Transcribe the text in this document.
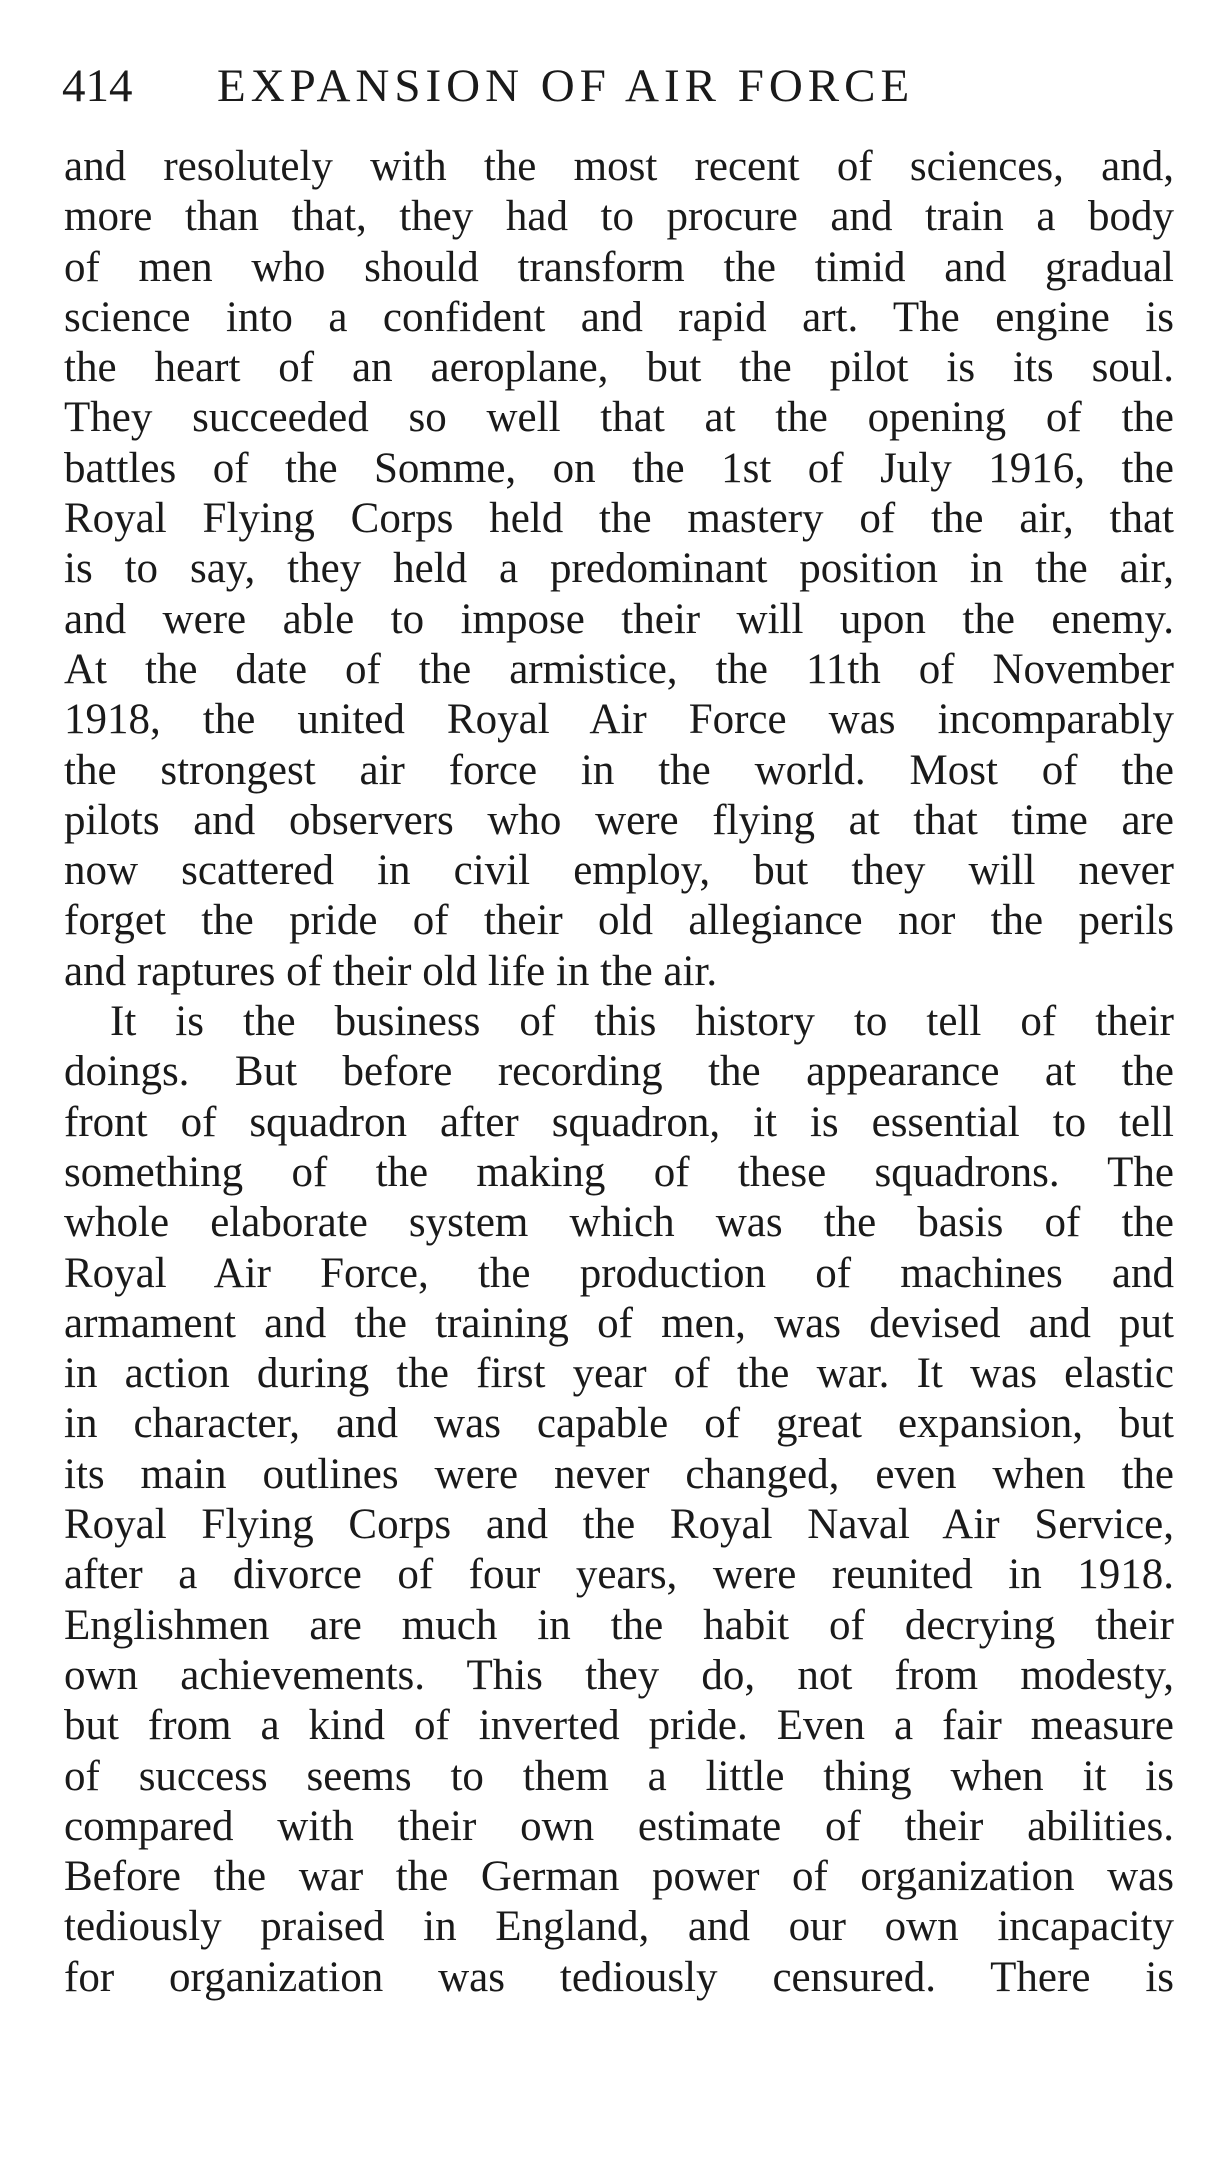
414 EXPANSION OF AIR FORCE
and resolutely with the most recent of sciences, and,
more than that, they had to procure and train a body
of men who should transform the timid and gradual
science into a confident and rapid art. The engine is
the heart of an aeroplane, but the pilot is its soul.
They succeeded so well that at the opening of the
battles of the Somme, on the 1st of July 1916, the
Royal Flying Corps held the mastery of the air, that
is to say, they held a predominant position in the air,
and were able to impose their will upon the enemy.
At the date of the armistice, the 11th of November
1918, the united Royal Air Force was incomparably
the strongest air force in the world. Most of the
pilots and observers who were flying at that time are
now scattered in civil employ, but they will never
forget the pride of their old allegiance nor the perils
and raptures of their old life in the air.
It is the business of this history to tell of their
doings. But before recording the appearance at the
front of squadron after squadron, it is essential to tell
something of the making of these squadrons. The
whole elaborate system which was the basis of the
Royal Air Force, the production of machines and
armament and the training of men, was devised and put
in action during the first year of the war. It was elastic
in character, and was capable of great expansion, but
its main outlines were never changed, even when the
Royal Flying Corps and the Royal Naval Air Service,
after a divorce of four years, were reunited in 1918.
Englishmen are much in the habit of decrying their
own achievements. This they do, not from modesty,
but from a kind of inverted pride. Even a fair measure
of success seems to them a little thing when it is
compared with their own estimate of their abilities.
Before the war the German power of organization was
tediously praised in England, and our own incapacity
for organization was tediously censured. There is
